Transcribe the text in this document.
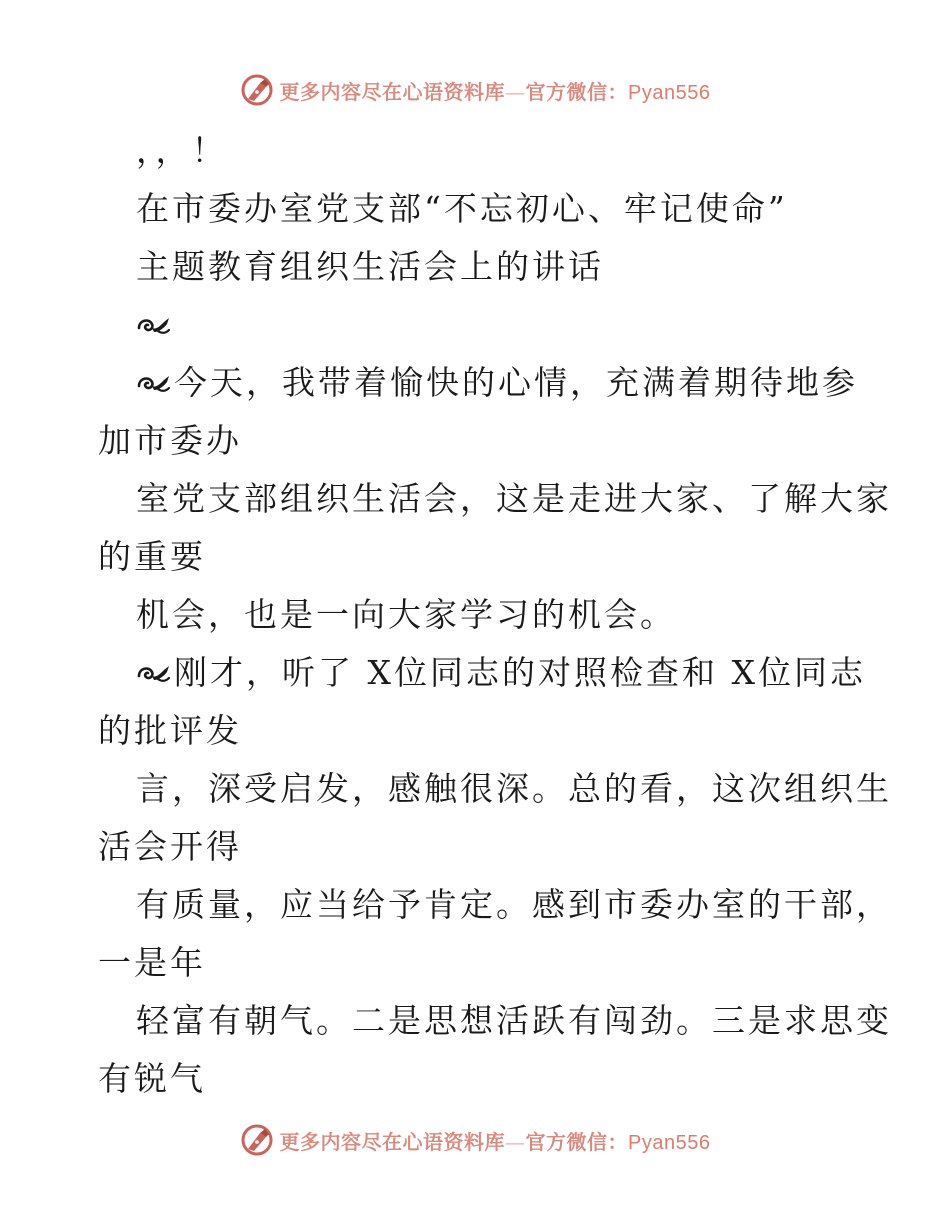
更多内容尽在心语资料库—官方微信：Pyan556
，，！
在市委办室党支部“不忘初心、牢记使命”
主题教育组织生活会上的讲话
今天，我带着愉快的心情，充满着期待地参
加市委办
室党支部组织生活会，这是走进大家、了解大家
的重要
机会，也是一向大家学习的机会。
刚才，听了 X位同志的对照检查和 X位同志
的批评发
言，深受启发，感触很深。总的看，这次组织生
活会开得
有质量，应当给予肯定。感到市委办室的干部，
一是年
轻富有朝气。二是思想活跃有闯劲。三是求思变
有锐气
更多内容尽在心语资料库—官方微信：Pyan556
